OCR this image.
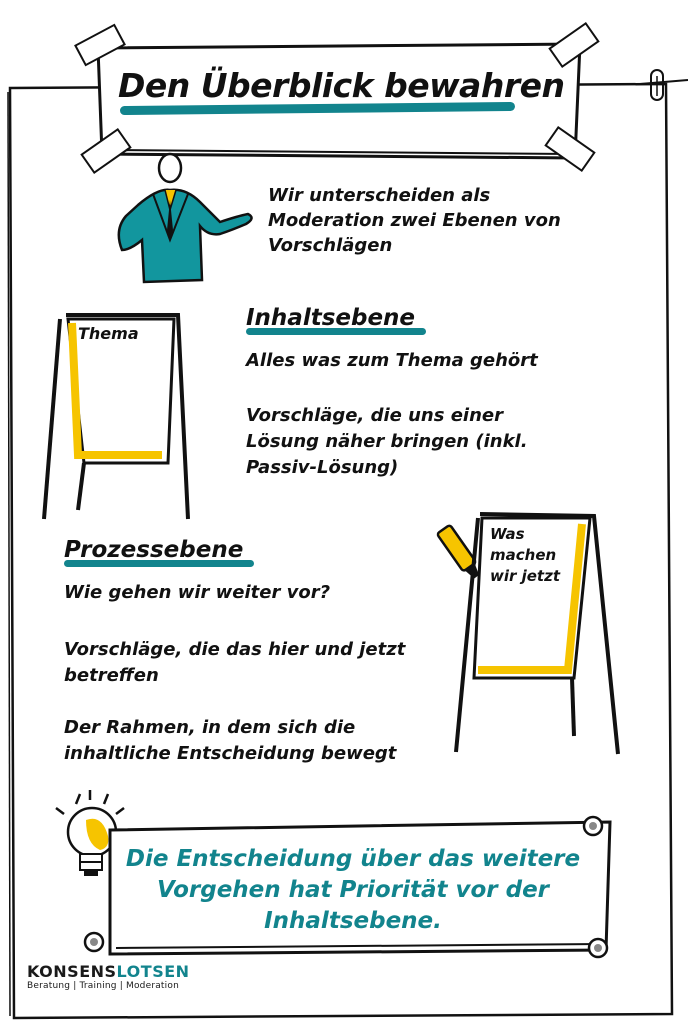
Den Überblick bewahren
Wir unterscheiden als Moderation zwei Ebenen von Vorschlägen
Thema
Inhaltsebene
Alles was zum Thema gehört
Vorschläge, die uns einer Lösung näher bringen (inkl. Passiv-Lösung)
Prozessebene
Wie gehen wir weiter vor?
Vorschläge, die das hier und jetzt betreffen
Der Rahmen, in dem sich die inhaltliche Entscheidung bewegt
Was machen wir jetzt
Die Entscheidung über das weitere Vorgehen hat Priorität vor der Inhaltsebene.
KONSENSLOTSEN
Beratung | Training | Moderation
